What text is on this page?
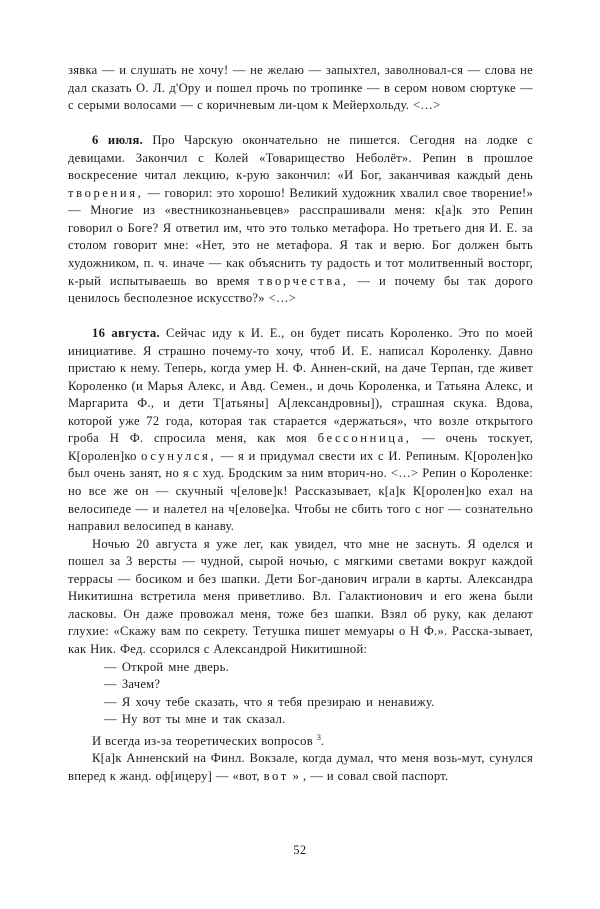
зявка — и слушать не хочу! — не желаю — запыхтел, заволновал-ся — слова не дал сказать О. Л. д'Ору и пошел прочь по тропинке — в сером новом сюртуке — с серыми волосами — с коричневым ли-цом к Мейерхольду. <…>

6 июля. Про Чарскую окончательно не пишется. Сегодня на лодке с девицами. Закончил с Колей «Товарищество Неболёт». Репин в прошлое воскресение читал лекцию, к-рую закончил: «И Бог, заканчивая каждый день творения, — говорил: это хорошо! Великий художник хвалил свое творение!» — Многие из «вестникознаньевцев» расспрашивали меня: к[а]к это Репин говорил о Боге? Я ответил им, что это только метафора. Но третьего дня И. Е. за столом говорит мне: «Нет, это не метафора. Я так и верю. Бог должен быть художником, п. ч. иначе — как объяснить ту радость и тот молитвенный восторг, к-рый испытываешь во время творчества, — и почему бы так дорого ценилось бесполезное искусство?» <…>

16 августа. Сейчас иду к И. Е., он будет писать Короленко. Это по моей инициативе. Я страшно почему-то хочу, чтоб И. Е. написал Короленку. Давно пристаю к нему. Теперь, когда умер Н. Ф. Аннен-ский, на даче Терпан, где живет Короленко (и Марья Алекс, и Авд. Семен., и дочь Короленка, и Татьяна Алекс, и Маргарита Ф., и дети Т[атьяны] А[лександровны]), страшная скука. Вдова, которой уже 72 года, которая так старается «держаться», что возле открытого гроба Н Ф. спросила меня, как моя бессонница, — очень тоскует, К[оролен]ко осунулся, — я и придумал свести их с И. Репиным. К[оролен]ко был очень занят, но я с худ. Бродским за ним вторич-но. <…> Репин о Короленке: но все же он — скучный ч[елове]к! Рассказывает, к[а]к К[оролен]ко ехал на велосипеде — и налетел на ч[елове]ка. Чтобы не сбить того с ног — сознательно направил велосипед в канаву.

Ночью 20 августа я уже лег, как увидел, что мне не заснуть. Я оделся и пошел за 3 версты — чудной, сырой ночью, с мягкими светами вокруг каждой террасы — босиком и без шапки. Дети Бог-данович играли в карты. Александра Никитишна встретила меня приветливо. Вл. Галактионович и его жена были ласковы. Он даже провожал меня, тоже без шапки. Взял об руку, как делают глухие: «Скажу вам по секрету. Тетушка пишет мемуары о Н Ф.». Расска-зывает, как Ник. Фед. ссорился с Александрой Никитишной:

— Открой мне дверь.

— Зачем?

— Я хочу тебе сказать, что я тебя презираю и ненавижу.

— Ну вот ты мне и так сказал.

И всегда из-за теоретических вопросов $^3$.

К[а]к Анненский на Финл. Вокзале, когда думал, что меня возь-мут, сунулся вперед к жанд. оф[ицеру] — «вот, вот » , — и совал свой паспорт.

52
